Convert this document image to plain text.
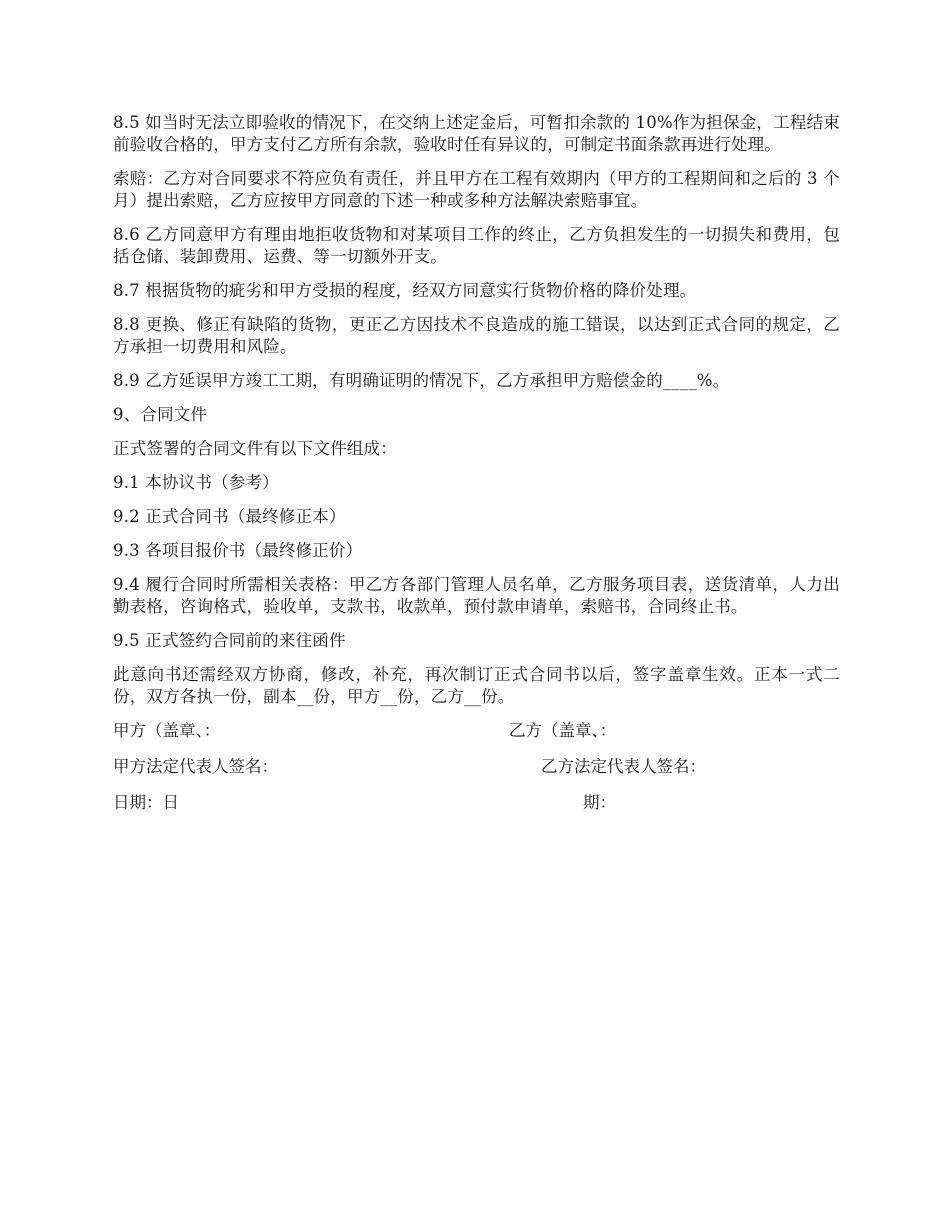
8.5 如当时无法立即验收的情况下，在交纳上述定金后，可暂扣余款的 10%作为担保金，工程结束前验收合格的，甲方支付乙方所有余款，验收时任有异议的，可制定书面条款再进行处理。

索赔：乙方对合同要求不符应负有责任，并且甲方在工程有效期内（甲方的工程期间和之后的 3 个月）提出索赔，乙方应按甲方同意的下述一种或多种方法解决索赔事宜。

8.6 乙方同意甲方有理由地拒收货物和对某项目工作的终止，乙方负担发生的一切损失和费用，包括仓储、装卸费用、运费、等一切额外开支。

8.7 根据货物的疵劣和甲方受损的程度，经双方同意实行货物价格的降价处理。

8.8 更换、修正有缺陷的货物，更正乙方因技术不良造成的施工错误，以达到正式合同的规定，乙方承担一切费用和风险。

8.9 乙方延误甲方竣工工期，有明确证明的情况下，乙方承担甲方赔偿金的____%。

9、合同文件

正式签署的合同文件有以下文件组成：

9.1 本协议书（参考）

9.2 正式合同书（最终修正本）

9.3 各项目报价书（最终修正价）

9.4 履行合同时所需相关表格：甲乙方各部门管理人员名单，乙方服务项目表，送货清单，人力出勤表格，咨询格式，验收单，支款书，收款单，预付款申请单，索赔书，合同终止书。

9.5 正式签约合同前的来往函件

此意向书还需经双方协商，修改，补充，再次制订正式合同书以后，签字盖章生效。正本一式二份，双方各执一份，副本__份，甲方__份，乙方__份。

甲方（盖章、：	乙方（盖章、：
甲方法定代表人签名：	乙方法定代表人签名：
日期：日	期：
